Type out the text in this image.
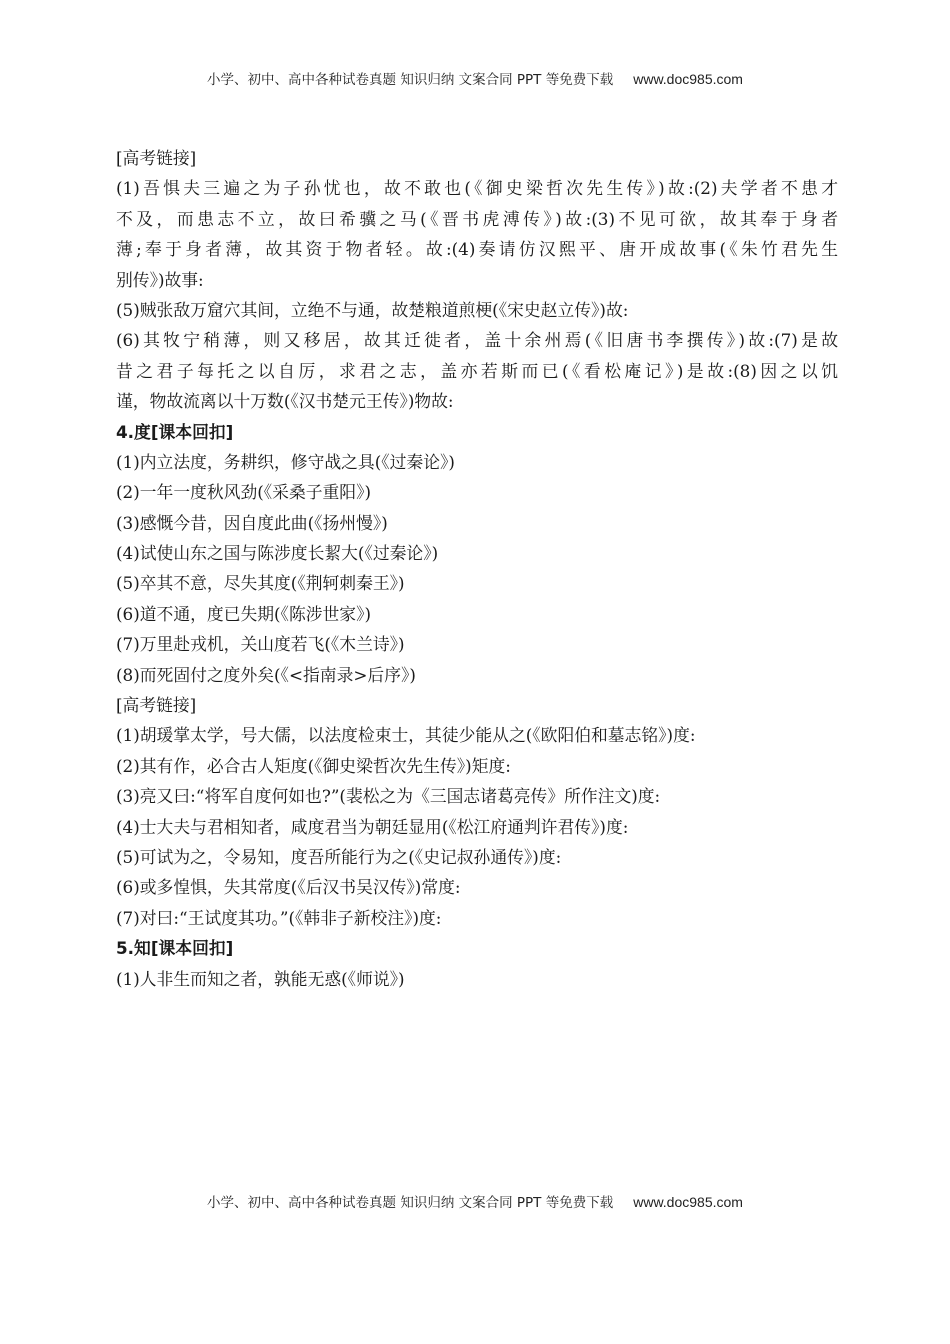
小学、初中、高中各种试卷真题 知识归纳 文案合同 PPT 等免费下载 www.doc985.com
[高考链接]
(1)吾惧夫三遍之为子孙忧也，故不敢也(《御史梁哲次先生传》)故:(2)夫学者不患才
不及，而患志不立，故曰希骥之马(《晋书虎溥传》)故:(3)不见可欲，故其奉于身者
薄;奉于身者薄，故其资于物者轻。故:(4)奏请仿汉熙平、唐开成故事(《朱竹君先生
别传》)故事:
(5)贼张敌万窟穴其间，立绝不与通，故楚粮道煎梗(《宋史赵立传》)故:
(6)其牧宁稍薄，则又移居，故其迁徙者，盖十余州焉(《旧唐书李撰传》)故:(7)是故
昔之君子每托之以自厉，求君之志，盖亦若斯而已(《看松庵记》)是故:(8)因之以饥
谨，物故流离以十万数(《汉书楚元王传》)物故:
4.度[课本回扣]
(1)内立法度，务耕织，修守战之具(《过秦论》)
(2)一年一度秋风劲(《采桑子重阳》)
(3)感慨今昔，因自度此曲(《扬州慢》)
(4)试使山东之国与陈涉度长絜大(《过秦论》)
(5)卒其不意，尽失其度(《荆轲刺秦王》)
(6)道不通，度已失期(《陈涉世家》)
(7)万里赴戎机，关山度若飞(《木兰诗》)
(8)而死固付之度外矣(《<指南录>后序》)
[高考链接]
(1)胡瑗掌太学，号大儒，以法度检束士，其徒少能从之(《欧阳伯和墓志铭》)度:
(2)其有作，必合古人矩度(《御史梁哲次先生传》)矩度:
(3)亮又曰:“将军自度何如也?”(裴松之为《三国志诸葛亮传》所作注文)度:
(4)士大夫与君相知者，咸度君当为朝廷显用(《松江府通判许君传》)度:
(5)可试为之，令易知，度吾所能行为之(《史记叔孙通传》)度:
(6)或多惶惧，失其常度(《后汉书吴汉传》)常度:
(7)对曰:“王试度其功。”(《韩非子新校注》)度:
5.知[课本回扣]
(1)人非生而知之者，孰能无惑(《师说》)
小学、初中、高中各种试卷真题 知识归纳 文案合同 PPT 等免费下载 www.doc985.com
